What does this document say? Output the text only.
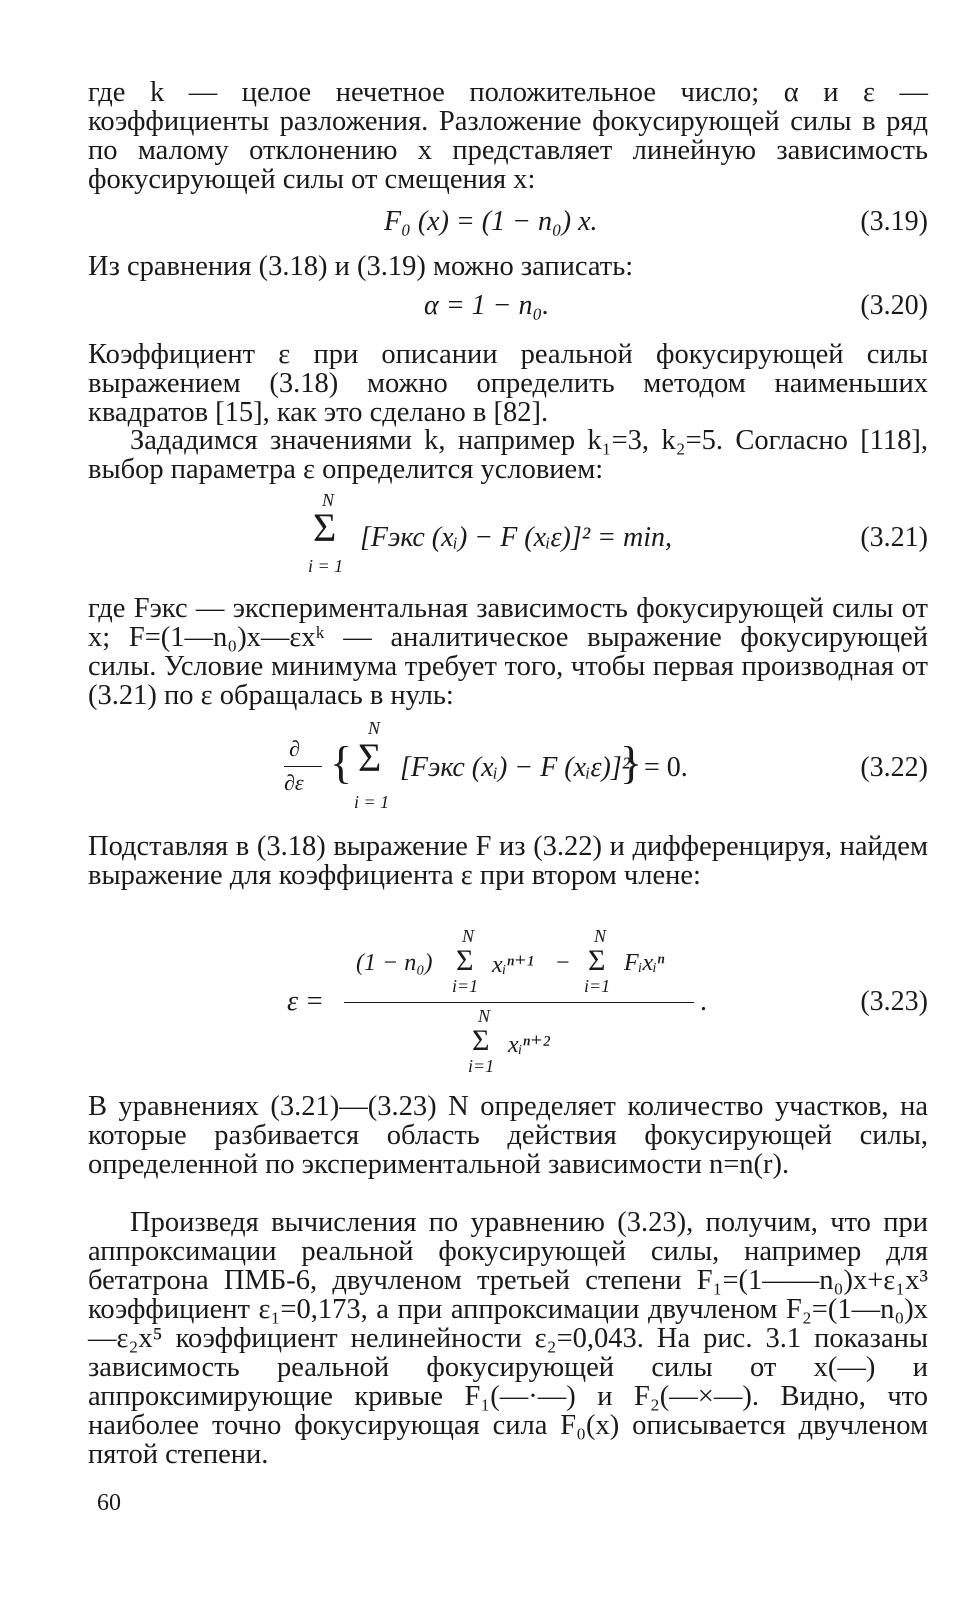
где k — целое нечетное положительное число; α и ε — коэффициенты разложения. Разложение фокусирующей силы в ряд по малому отклонению x представляет линейную зависимость фокусирующей силы от смещения x:

F₀ (x) = (1 − n₀) x.	(3.19)

Из сравнения (3.18) и (3.19) можно записать:

α = 1 − n₀.	(3.20)

Коэффициент ε при описании реальной фокусирующей силы выражением (3.18) можно определить методом наименьших квадратов [15], как это сделано в [82].

Зададимся значениями k, например k₁=3, k₂=5. Согласно [118], выбор параметра ε определится условием:

N
Σ
i = 1
[Fэкс (xᵢ) − F (xᵢε)]² = min,	(3.21)

где Fэкс — экспериментальная зависимость фокусирующей силы от x; F=(1—n₀)x—εxᵏ — аналитическое выражение фокусирующей силы. Условие минимума требует того, чтобы первая производная от (3.21) по ε обращалась в нуль:

∂
∂ε {
N
Σ
i = 1
[Fэкс (xᵢ) − F (xᵢε)]²
} = 0.	(3.22)

Подставляя в (3.18) выражение F из (3.22) и дифференцируя, найдем выражение для коэффициента ε при втором члене:

ε =
(1 − n₀)
N
Σ
i=1
xᵢⁿ⁺¹ −
N
Σ
i=1
Fᵢxᵢⁿ
.
N
Σ
i=1
xᵢⁿ⁺²
(3.23)

В уравнениях (3.21)—(3.23) N определяет количество участков, на которые разбивается область действия фокусирующей силы, определенной по экспериментальной зависимости n=n(r).

Произведя вычисления по уравнению (3.23), получим, что при аппроксимации реальной фокусирующей силы, например для бетатрона ПМБ-6, двучленом третьей степени F₁=(1——n₀)x+ε₁x³ коэффициент ε₁=0,173, а при аппроксимации двучленом F₂=(1—n₀)x—ε₂x⁵ коэффициент нелинейности ε₂=0,043. На рис. 3.1 показаны зависимость реальной фокусирующей силы от x(—) и аппроксимирующие кривые F₁(—·—) и F₂(—×—). Видно, что наиболее точно фокусирующая сила F₀(x) описывается двучленом пятой степени.

60
